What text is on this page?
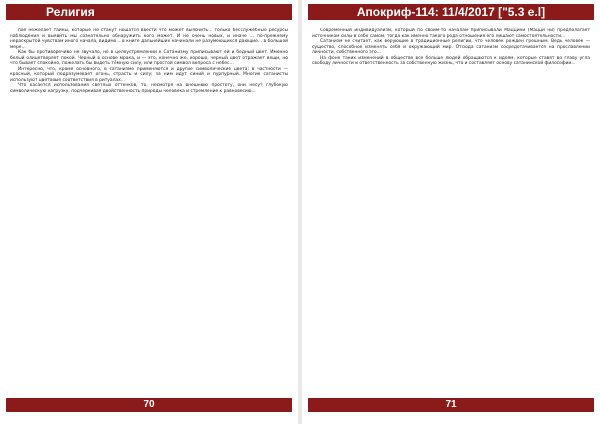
Религия

пае нежелает тайны, которые не станут ношатся ввести что может выяснить... только бесслужебные ресурсы наблюдения и выявить мы сознательно обнаружить кого может. И не очень новых, и иначе ... по-прежнему нераскрытой чувствам иного начала, видимо... в книге дальнейших начинали не разумеющихся дающие... в большой мере...

Как бы противоречиво не звучало, но в целеустремлении к Сатанизму приписывают ей и бедный цвет. Именно белый олицетворяет покой. Черный в основе мрака, и — это, конечно же, хорошо, черный цвет отражает вещи, но что бывает спокойно, пожелать бы видеть тёмную силу, или простой символ вопроса с небес...

Интересно, что, кроме основного, в сатанизме применяются и другие символические цвета; в частности — красный, который подразумевает огонь, страсть и силу; за ним идут синий и пурпурный. Многие сатанисты используют цветовые соответствия в ритуалах...

Что касается использования светлых оттенков, то, несмотря на внешнюю простоту, они несут глубокую символическую нагрузку, подчеркивая двойственность природы человека и стремление к равновесию...

70
Апокриф-114: 11/4/2017 ["5.3 е.l]

Современный индивидуализм, который по своим-то началам приписывали Маццини (Мацци ни) предполагает источником силы в себе самом, тогда как именно такого рода отношения его лишают самостоятельности...

Сатанизм не считает, как верующие в традиционные религии, что человек рожден грешным. Ведь человек — существо, способное изменять себя и окружающий мир. Отсюда сатанизм сосредотачивается на прославлении личности, собственного эго...

На фоне таких изменений в обществе все больше людей обращаются к идеям, которые ставят во главу угла свободу личности и ответственность за собственную жизнь, что и составляет основу сатанинской философии...

71
